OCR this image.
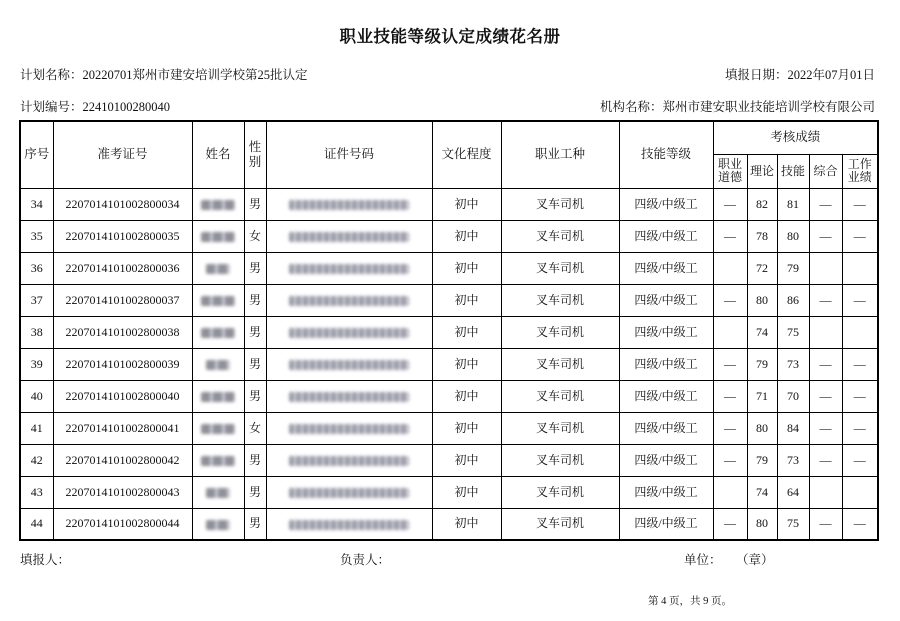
职业技能等级认定成绩花名册
计划名称：20220701郑州市建安培训学校第25批认定	填报日期：2022年07月01日
计划编号：22410100280040	机构名称：郑州市建安职业技能培训学校有限公司
序号	准考证号	姓名	性别	证件号码	文化程度	职业工种	技能等级	考核成绩				
								职业道德	理论	技能	综合	工作业绩
34	2207014101002800034		男		初中	叉车司机	四级/中级工	—	82	81	—	—
35	2207014101002800035		女		初中	叉车司机	四级/中级工	—	78	80	—	—
36	2207014101002800036		男		初中	叉车司机	四级/中级工		72	79		
37	2207014101002800037		男		初中	叉车司机	四级/中级工	—	80	86	—	—
38	2207014101002800038		男		初中	叉车司机	四级/中级工		74	75		
39	2207014101002800039		男		初中	叉车司机	四级/中级工	—	79	73	—	—
40	2207014101002800040		男		初中	叉车司机	四级/中级工	—	71	70	—	—
41	2207014101002800041		女		初中	叉车司机	四级/中级工	—	80	84	—	—
42	2207014101002800042		男		初中	叉车司机	四级/中级工	—	79	73	—	—
43	2207014101002800043		男		初中	叉车司机	四级/中级工		74	64		
44	2207014101002800044		男		初中	叉车司机	四级/中级工	—	80	75	—	—
填报人：	负责人：	单位： （章）
第 4 页，共 9 页。
